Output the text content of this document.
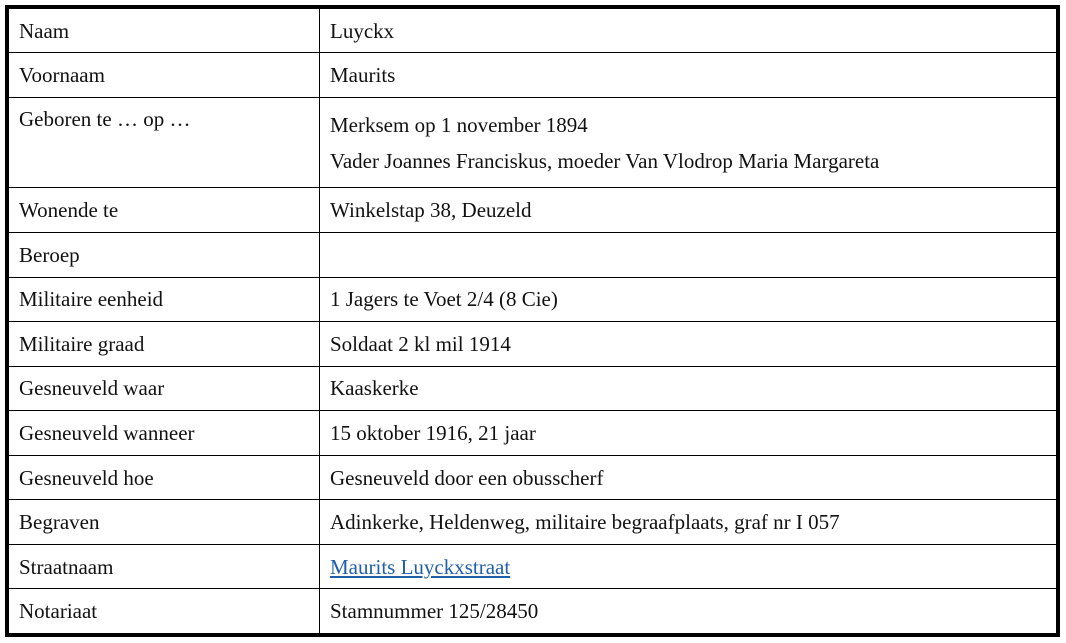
Naam	Luyckx
Voornaam	Maurits
Geboren te … op …	Merksem op 1 november 1894
Vader Joannes Franciskus, moeder Van Vlodrop Maria Margareta

Wonende te	Winkelstap 38, Deuzeld
Beroep	
Militaire eenheid	1 Jagers te Voet 2/4 (8 Cie)
Militaire graad	Soldaat 2 kl mil 1914
Gesneuveld waar	Kaaskerke
Gesneuveld wanneer	15 oktober 1916, 21 jaar
Gesneuveld hoe	Gesneuveld door een obusscherf
Begraven	Adinkerke, Heldenweg, militaire begraafplaats, graf nr I 057
Straatnaam	Maurits Luyckxstraat
Notariaat	Stamnummer 125/28450
